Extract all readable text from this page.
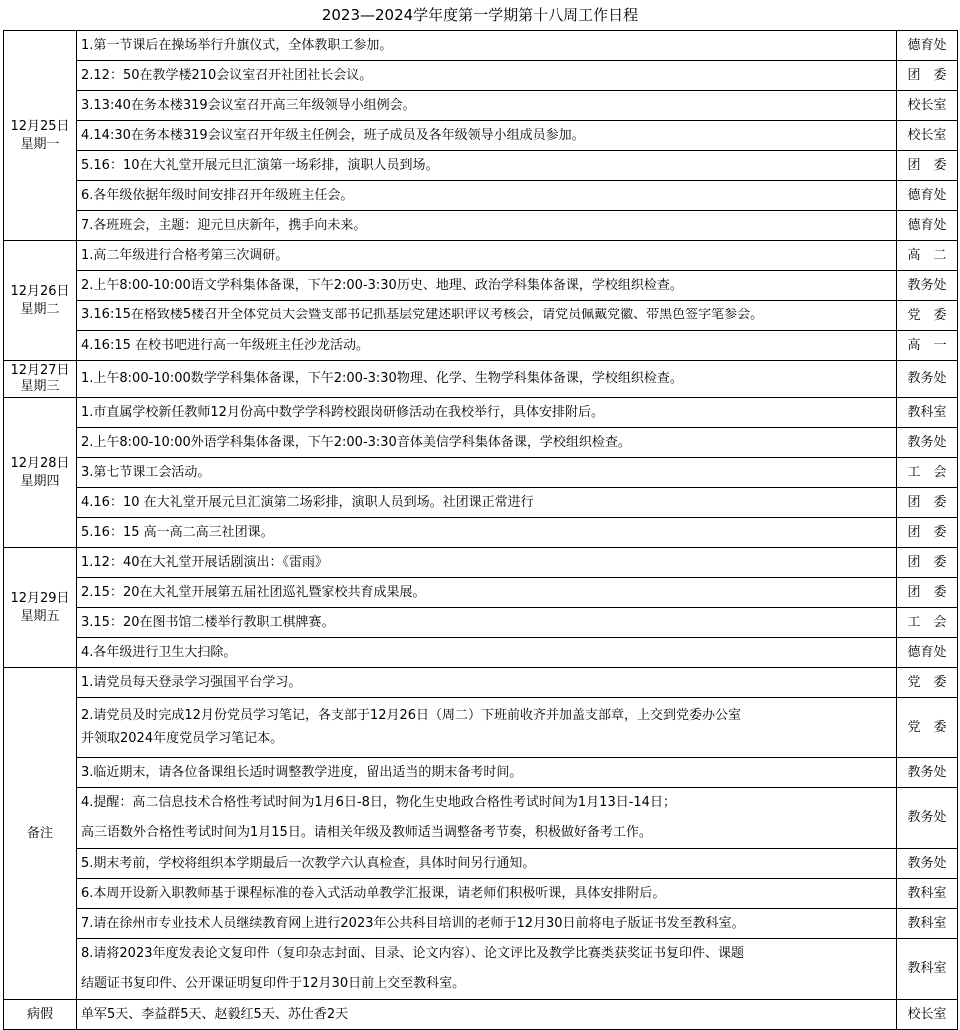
2023—2024学年度第一学期第十八周工作日程
12月25日
星期一	1.第一节课后在操场举行升旗仪式，全体教职工参加。	德育处
	2.12：50在教学楼210会议室召开社团社长会议。	团　委
	3.13:40在务本楼319会议室召开高三年级领导小组例会。	校长室
	4.14:30在务本楼319会议室召开年级主任例会，班子成员及各年级领导小组成员参加。	校长室
	5.16：10在大礼堂开展元旦汇演第一场彩排，演职人员到场。	团　委
	6.各年级依据年级时间安排召开年级班主任会。	德育处
	7.各班班会，主题：迎元旦庆新年，携手向未来。	德育处

12月26日
星期二	1.高二年级进行合格考第三次调研。	高　二
	2.上午8:00-10:00语文学科集体备课，下午2:00-3:30历史、地理、政治学科集体备课，学校组织检查。	教务处

	3.16:15在格致楼5楼召开全体党员大会暨支部书记抓基层党建述职评议考核会，请党员佩戴党徽、带黑色签字笔参会。	党　委
	4.16:15 在校书吧进行高一年级班主任沙龙活动。	高　一

12月27日
星期三	1.上午8:00-10:00数学学科集体备课，下午2:00-3:30物理、化学、生物学科集体备课，学校组织检查。	教务处

12月28日
星期四	1.市直属学校新任教师12月份高中数学学科跨校跟岗研修活动在我校举行，具体安排附后。	教科室
	2.上午8:00-10:00外语学科集体备课，下午2:00-3:30音体美信学科集体备课，学校组织检查。	教务处
	3.第七节课工会活动。	工　会
	4.16：10 在大礼堂开展元旦汇演第二场彩排，演职人员到场。社团课正常进行	团　委
	5.16：15 高一高二高三社团课。	团　委

12月29日
星期五	1.12：40在大礼堂开展话剧演出：《雷雨》	团　委
	2.15：20在大礼堂开展第五届社团巡礼暨家校共育成果展。	团　委
	3.15：20在图书馆二楼举行教职工棋牌赛。	工　会
	4.各年级进行卫生大扫除。	德育处
备注	1.请党员每天登录学习强国平台学习。	党　委

	2.请党员及时完成12月份党员学习笔记，各支部于12月26日（周二）下班前收齐并加盖支部章，上交到党委办公室
并领取2024年度党员学习笔记本。	党　委
	3.临近期末，请各位备课组长适时调整教学进度，留出适当的期末备考时间。	教务处

	4.提醒：高二信息技术合格性考试时间为1月6日-8日，物化生史地政合格性考试时间为1月13日-14日；
高三语数外合格性考试时间为1月15日。请相关年级及教师适当调整备考节奏，积极做好备考工作。	教务处
	5.期末考前，学校将组织本学期最后一次教学六认真检查，具体时间另行通知。	教务处
	6.本周开设新入职教师基于课程标准的卷入式活动单教学汇报课，请老师们积极听课，具体安排附后。	教科室
	7.请在徐州市专业技术人员继续教育网上进行2023年公共科目培训的老师于12月30日前将电子版证书发至教科室。	教科室

	8.请将2023年度发表论文复印件（复印杂志封面、目录、论文内容）、论文评比及教学比赛类获奖证书复印件、课题
结题证书复印件、公开课证明复印件于12月30日前上交至教科室。	教科室
病假	单军5天、李益群5天、赵毅红5天、苏仕香2天	校长室
